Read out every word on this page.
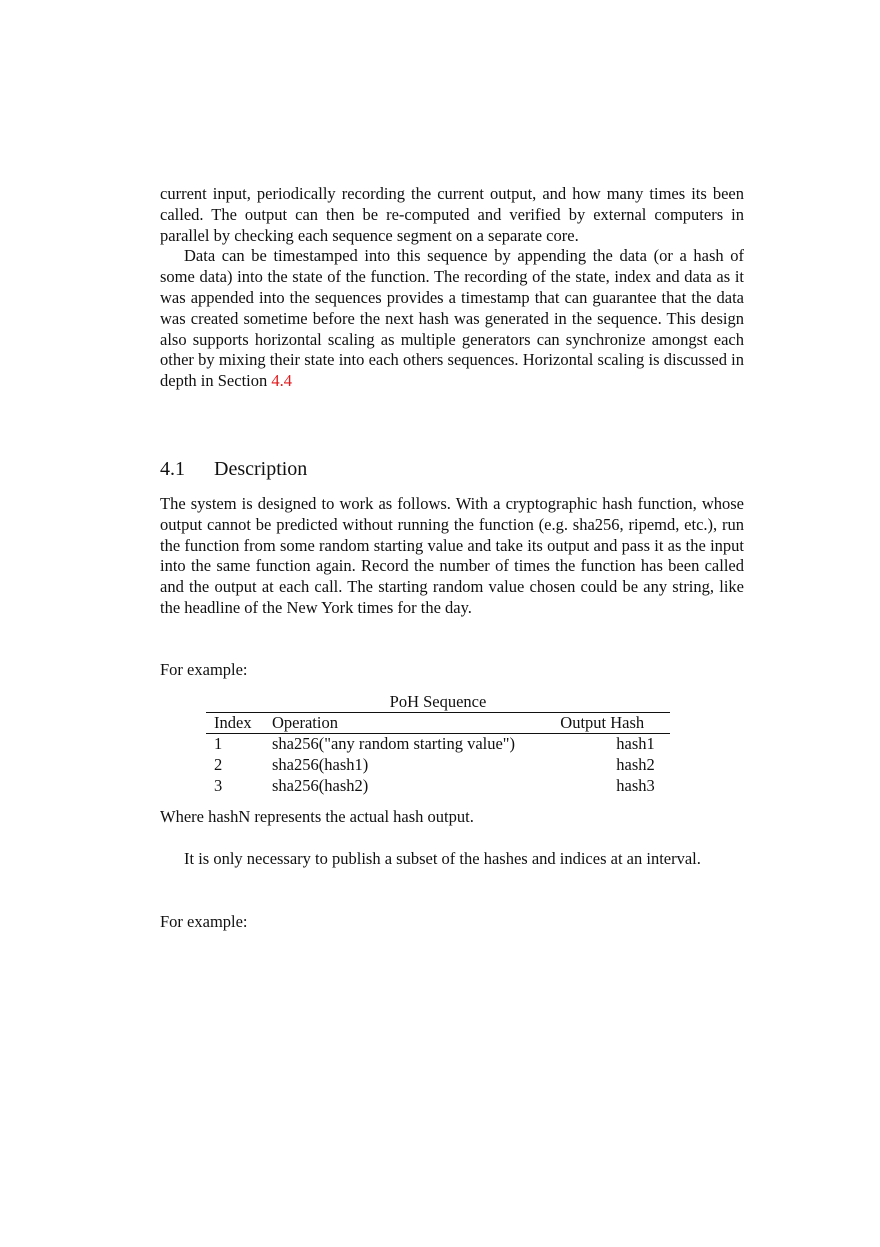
current input, periodically recording the current output, and how many times its been called. The output can then be re-computed and verified by external computers in parallel by checking each sequence segment on a separate core.

Data can be timestamped into this sequence by appending the data (or a hash of some data) into the state of the function. The recording of the state, index and data as it was appended into the sequences provides a timestamp that can guarantee that the data was created sometime before the next hash was generated in the sequence. This design also supports horizontal scaling as multiple generators can synchronize amongst each other by mixing their state into each others sequences. Horizontal scaling is discussed in depth in Section 4.4

4.1 Description

The system is designed to work as follows. With a cryptographic hash function, whose output cannot be predicted without running the function (e.g. sha256, ripemd, etc.), run the function from some random starting value and take its output and pass it as the input into the same function again. Record the number of times the function has been called and the output at each call. The starting random value chosen could be any string, like the headline of the New York times for the day.

For example:

PoH Sequence
Index	Operation	Output Hash
1	sha256("any random starting value")	hash1
2	sha256(hash1)	hash2
3	sha256(hash2)	hash3

Where hashN represents the actual hash output.

It is only necessary to publish a subset of the hashes and indices at an interval.

For example:
